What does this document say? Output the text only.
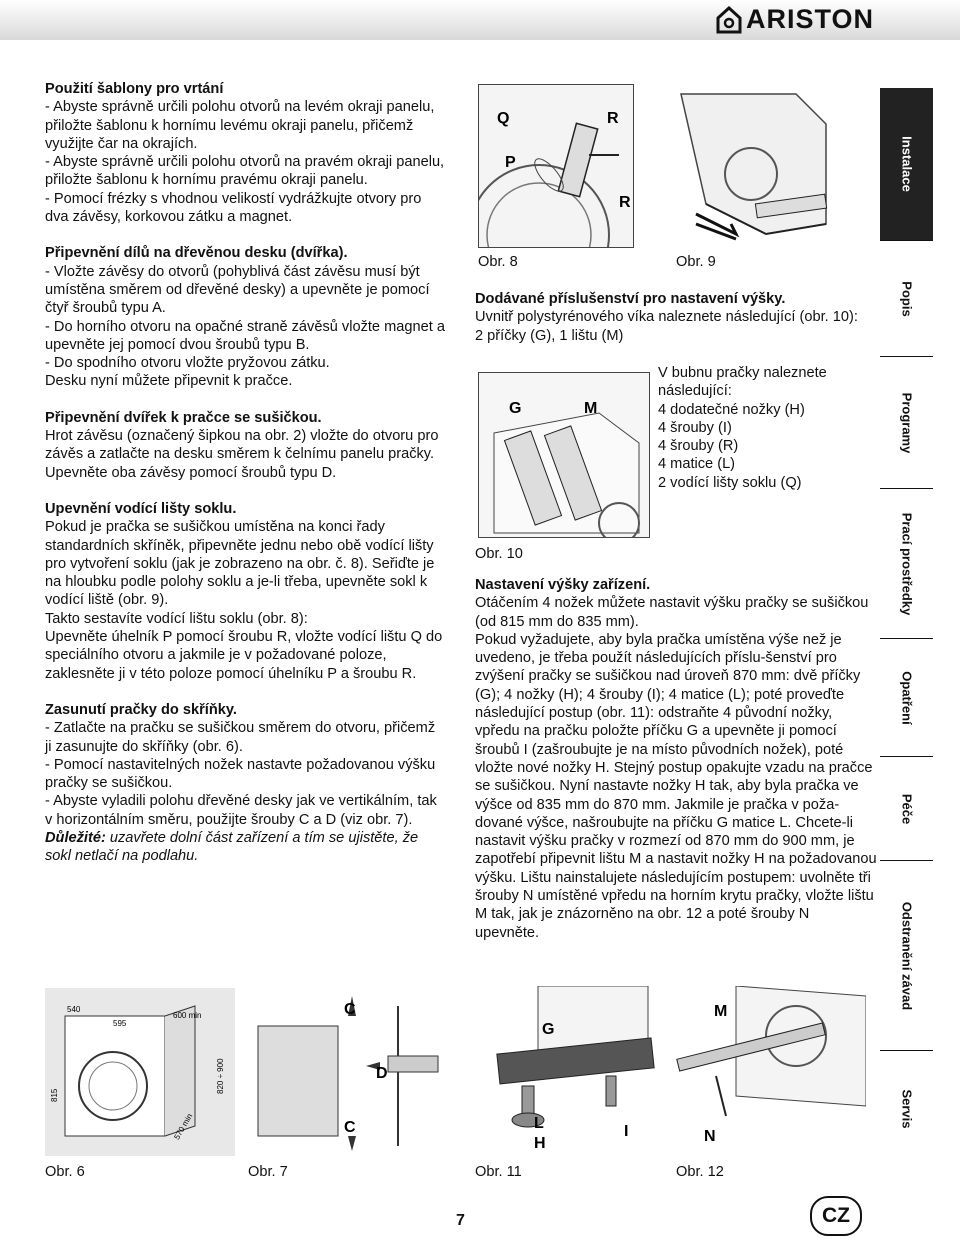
ARISTON
Použití šablony pro vrtání

- Abyste správně určili polohu otvorů na levém okraji panelu, přiložte šablonu k hornímu levému okraji panelu, přičemž využijte čar na okrajích.

- Abyste správně určili polohu otvorů na pravém okraji panelu, přiložte šablonu k hornímu pravému okraji panelu.

- Pomocí frézky s vhodnou velikostí vydrážkujte otvory pro dva závěsy, korkovou zátku a magnet.

Připevnění dílů na dřevěnou desku (dvířka).

- Vložte závěsy do otvorů (pohyblivá část závěsu musí být umístěna směrem od dřevěné desky) a upevněte je pomocí čtyř šroubů typu A.

- Do horního otvoru na opačné straně závěsů vložte magnet a upevněte jej pomocí dvou šroubů typu B.

- Do spodního otvoru vložte pryžovou zátku.

Desku nyní můžete připevnit k pračce.

Připevnění dvířek k pračce se sušičkou.

Hrot závěsu (označený šipkou na obr. 2) vložte do otvoru pro závěs a zatlačte na desku směrem k čelnímu panelu pračky. Upevněte oba závěsy pomocí šroubů typu D.

Upevnění vodící lišty soklu.

Pokud je pračka se sušičkou umístěna na konci řady standardních skříněk, připevněte jednu nebo obě vodící lišty pro vytvoření soklu (jak je zobrazeno na obr. č. 8). Seřiďte je na hloubku podle polohy soklu a je-li třeba, upevněte sokl k vodící liště (obr. 9).

Takto sestavíte vodící lištu soklu (obr. 8):

Upevněte úhelník P pomocí šroubu R, vložte vodící lištu Q do speciálního otvoru a jakmile je v požadované poloze, zaklesněte ji v této poloze pomocí úhelníku P a šroubu R.

Zasunutí pračky do skříňky.

- Zatlačte na pračku se sušičkou směrem do otvoru, přičemž ji zasunujte do skříňky (obr. 6).

- Pomocí nastavitelných nožek nastavte požadovanou výšku pračky se sušičkou.

- Abyste vyladili polohu dřevěné desky jak ve vertikálním, tak v horizontálním směru, použijte šrouby C a D (viz obr. 7).

Důležité: uzavřete dolní část zařízení a tím se ujistěte, že sokl netlačí na podlahu.

Q	R
P
R
Obr. 8	Obr. 9
Dodávané příslušenství pro nastavení výšky.

Uvnitř polystyrénového víka naleznete následující (obr. 10):

2 příčky (G), 1 lištu (M)

V bubnu pračky naleznete následující:

4 dodatečné nožky (H)

4 šrouby (I)

4 šrouby (R)

4 matice (L)

2 vodící lišty soklu (Q)

G	M
Obr. 10
Nastavení výšky zařízení.

Otáčením 4 nožek můžete nastavit výšku pračky se sušičkou (od 815 mm do 835 mm).

Pokud vyžadujete, aby byla pračka umístěna výše než je uvedeno, je třeba použít následujících příslu-šenství pro zvýšení pračky se sušičkou nad úroveň 870 mm: dvě příčky (G); 4 nožky (H); 4 šrouby (I); 4 matice (L); poté proveďte následující postup (obr. 11): odstraňte 4 původní nožky, vpředu na pračku položte příčku G a upevněte ji pomocí šroubů I (zašroubujte je na místo původních nožek), poté vložte nové nožky H. Stejný postup opakujte vzadu na pračce se sušičkou. Nyní nastavte nožky H tak, aby byla pračka ve výšce od 835 mm do 870 mm. Jakmile je pračka v poža-dované výšce, našroubujte na příčku G matice L. Chcete-li nastavit výšku pračky v rozmezí od 870 mm do 900 mm, je zapotřebí připevnit lištu M a nastavit nožky H na požadovanou výšku. Lištu nainstalujete následujícím postupem: uvolněte tři šrouby N umístěné vpředu na horním krytu pračky, vložte lištu M tak, jak je znázorněno na obr. 12 a poté šrouby N upevněte.

540
595
600 min
815
820 ÷ 900
570 min
Obr. 6
C
D
C
Obr. 7
G
L
H
I
Obr. 11
M
N
Obr. 12
Instalace
Popis
Programy
Prací prostředky
Opatření
Péče
Odstranění závad
Servis
7	CZ
